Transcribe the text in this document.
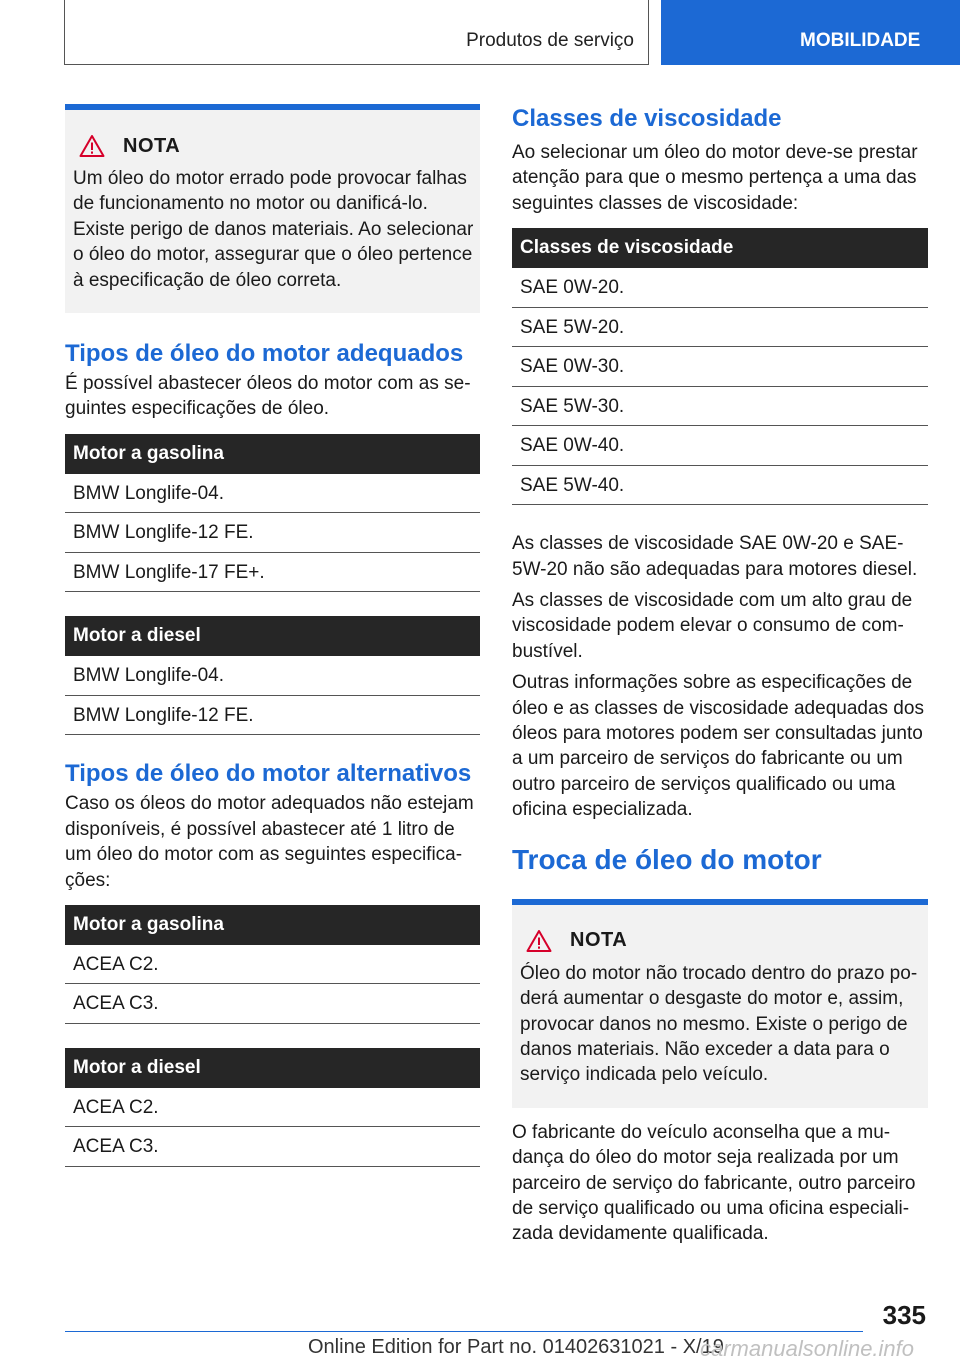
Produtos de serviço	MOBILIDADE
NOTA
Um óleo do motor errado pode provocar falhas de funcionamento no motor ou danificá-lo. Existe perigo de danos materiais. Ao selecionar o óleo do motor, assegurar que o óleo pertence à especificação de óleo correta.
Tipos de óleo do motor adequados

É possível abastecer óleos do motor com as seguintes especificações de óleo.

Motor a gasolina
BMW Longlife-04.
BMW Longlife-12 FE.
BMW Longlife-17 FE+.
Motor a diesel
BMW Longlife-04.
BMW Longlife-12 FE.
Tipos de óleo do motor alternativos

Caso os óleos do motor adequados não estejam disponíveis, é possível abastecer até 1 litro de um óleo do motor com as seguintes especificações:

Motor a gasolina
ACEA C2.
ACEA C3.
Motor a diesel
ACEA C2.
ACEA C3.
Classes de viscosidade

Ao selecionar um óleo do motor deve-se prestar atenção para que o mesmo pertença a uma das seguintes classes de viscosidade:

Classes de viscosidade
SAE 0W-20.
SAE 5W-20.
SAE 0W-30.
SAE 5W-30.
SAE 0W-40.
SAE 5W-40.

As classes de viscosidade SAE 0W-20 e SAE-5W-20 não são adequadas para motores diesel.

As classes de viscosidade com um alto grau de viscosidade podem elevar o consumo de combustível.

Outras informações sobre as especificações de óleo e as classes de viscosidade adequadas dos óleos para motores podem ser consultadas junto a um parceiro de serviços do fabricante ou um outro parceiro de serviços qualificado ou uma oficina especializada.

Troca de óleo do motor
NOTA
Óleo do motor não trocado dentro do prazo poderá aumentar o desgaste do motor e, assim, provocar danos no mesmo. Existe o perigo de danos materiais. Não exceder a data para o serviço indicada pelo veículo.

O fabricante do veículo aconselha que a mudança do óleo do motor seja realizada por um parceiro de serviço do fabricante, outro parceiro de serviço qualificado ou uma oficina especializada devidamente qualificada.

335
Online Edition for Part no. 01402631021 - X/19
carmanualsonline.info
